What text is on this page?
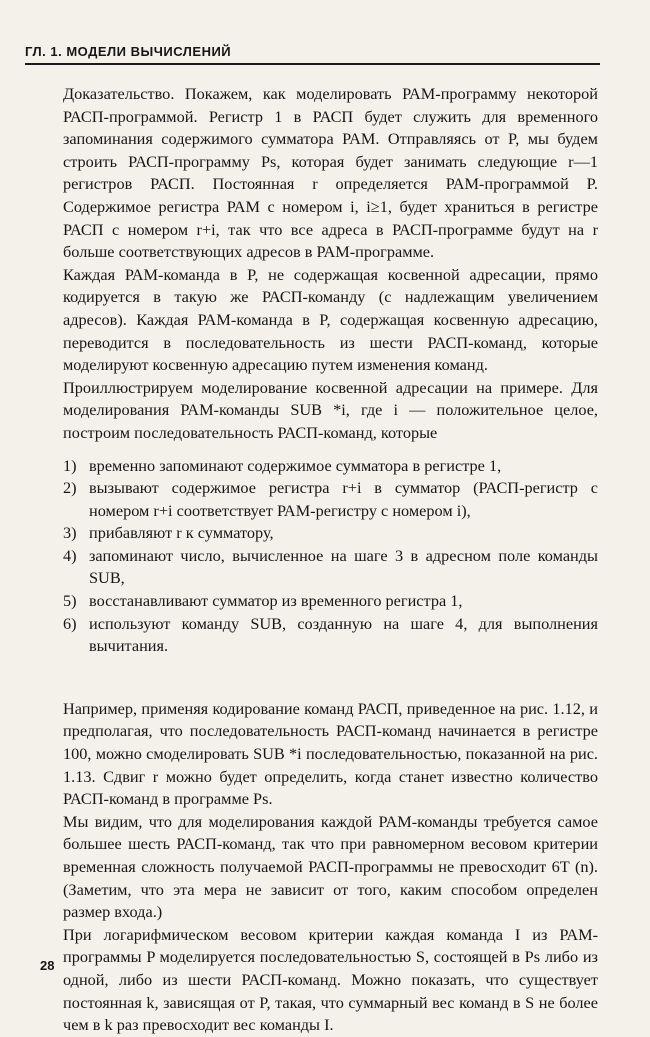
ГЛ. 1. МОДЕЛИ ВЫЧИСЛЕНИЙ

Доказательство. Покажем, как моделировать РАМ-программу некоторой РАСП-программой. Регистр 1 в РАСП будет служить для временного запоминания содержимого сумматора РАМ. Отправляясь от P, мы будем строить РАСП-программу Ps, которая будет занимать следующие r—1 регистров РАСП. Постоянная r определяется РАМ-программой P. Содержимое регистра РАМ с номером i, i≥1, будет храниться в регистре РАСП с номером r+i, так что все адреса в РАСП-программе будут на r больше соответствующих адресов в РАМ-программе.

Каждая РАМ-команда в P, не содержащая косвенной адресации, прямо кодируется в такую же РАСП-команду (с надлежащим увеличением адресов). Каждая РАМ-команда в P, содержащая косвенную адресацию, переводится в последовательность из шести РАСП-команд, которые моделируют косвенную адресацию путем изменения команд.

Проиллюстрируем моделирование косвенной адресации на примере. Для моделирования РАМ-команды SUB *i, где i — положительное целое, построим последовательность РАСП-команд, которые

1) временно запоминают содержимое сумматора в регистре 1,
2) вызывают содержимое регистра r+i в сумматор (РАСП-регистр с номером r+i соответствует РАМ-регистру с номером i),
3) прибавляют r к сумматору,
4) запоминают число, вычисленное на шаге 3 в адресном поле команды SUB,
5) восстанавливают сумматор из временного регистра 1,
6) используют команду SUB, созданную на шаге 4, для выполнения вычитания.

Например, применяя кодирование команд РАСП, приведенное на рис. 1.12, и предполагая, что последовательность РАСП-команд начинается в регистре 100, можно смоделировать SUB *i последовательностью, показанной на рис. 1.13. Сдвиг r можно будет определить, когда станет известно количество РАСП-команд в программе Ps.

Мы видим, что для моделирования каждой РАМ-команды требуется самое большее шесть РАСП-команд, так что при равномерном весовом критерии временная сложность получаемой РАСП-программы не превосходит 6T (n). (Заметим, что эта мера не зависит от того, каким способом определен размер входа.)

При логарифмическом весовом критерии каждая команда I из РАМ-программы P моделируется последовательностью S, состоящей в Ps либо из одной, либо из шести РАСП-команд. Можно показать, что существует постоянная k, зависящая от P, такая, что суммарный вес команд в S не более чем в k раз превосходит вес команды I.

28
